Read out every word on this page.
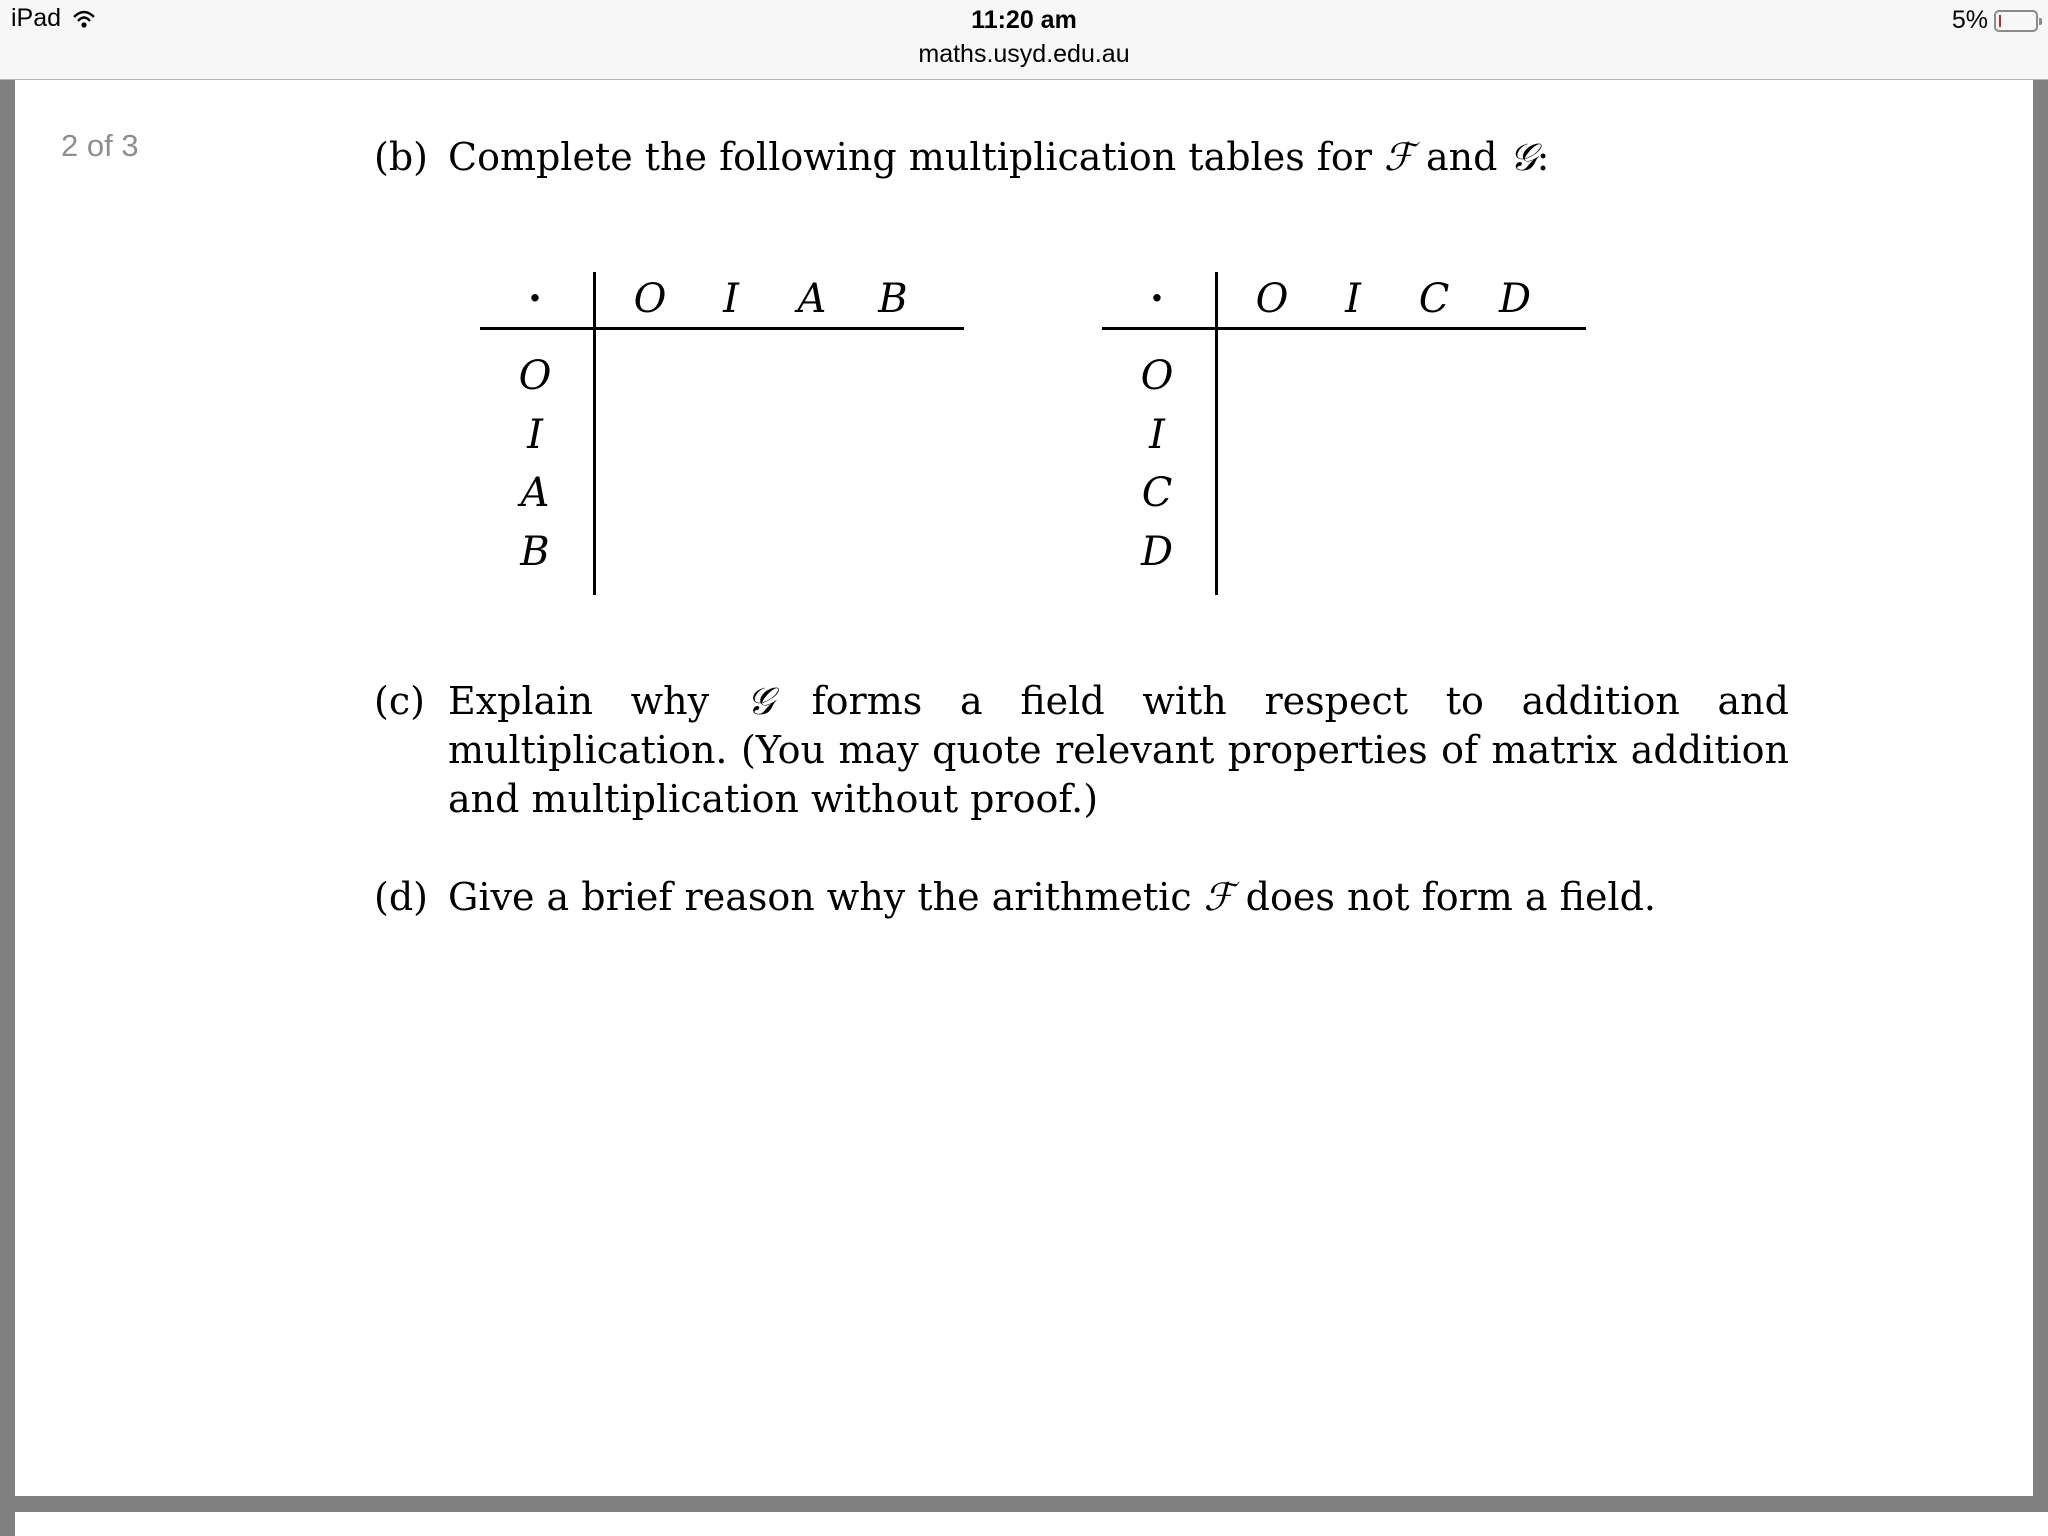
iPad	11:20 am
maths.usyd.edu.au
5%
2 of 3	(b) Complete the following multiplication tables for ℱ and 𝒢:
·	O	I	A	B
O
I
A
B
·	O	I	C	D
O
I
C
D
(c) Explain why 𝒢 forms a field with respect to addition and multiplication. (You may quote relevant properties of matrix addition and multiplication without proof.)
(d) Give a brief reason why the arithmetic ℱ does not form a field.
